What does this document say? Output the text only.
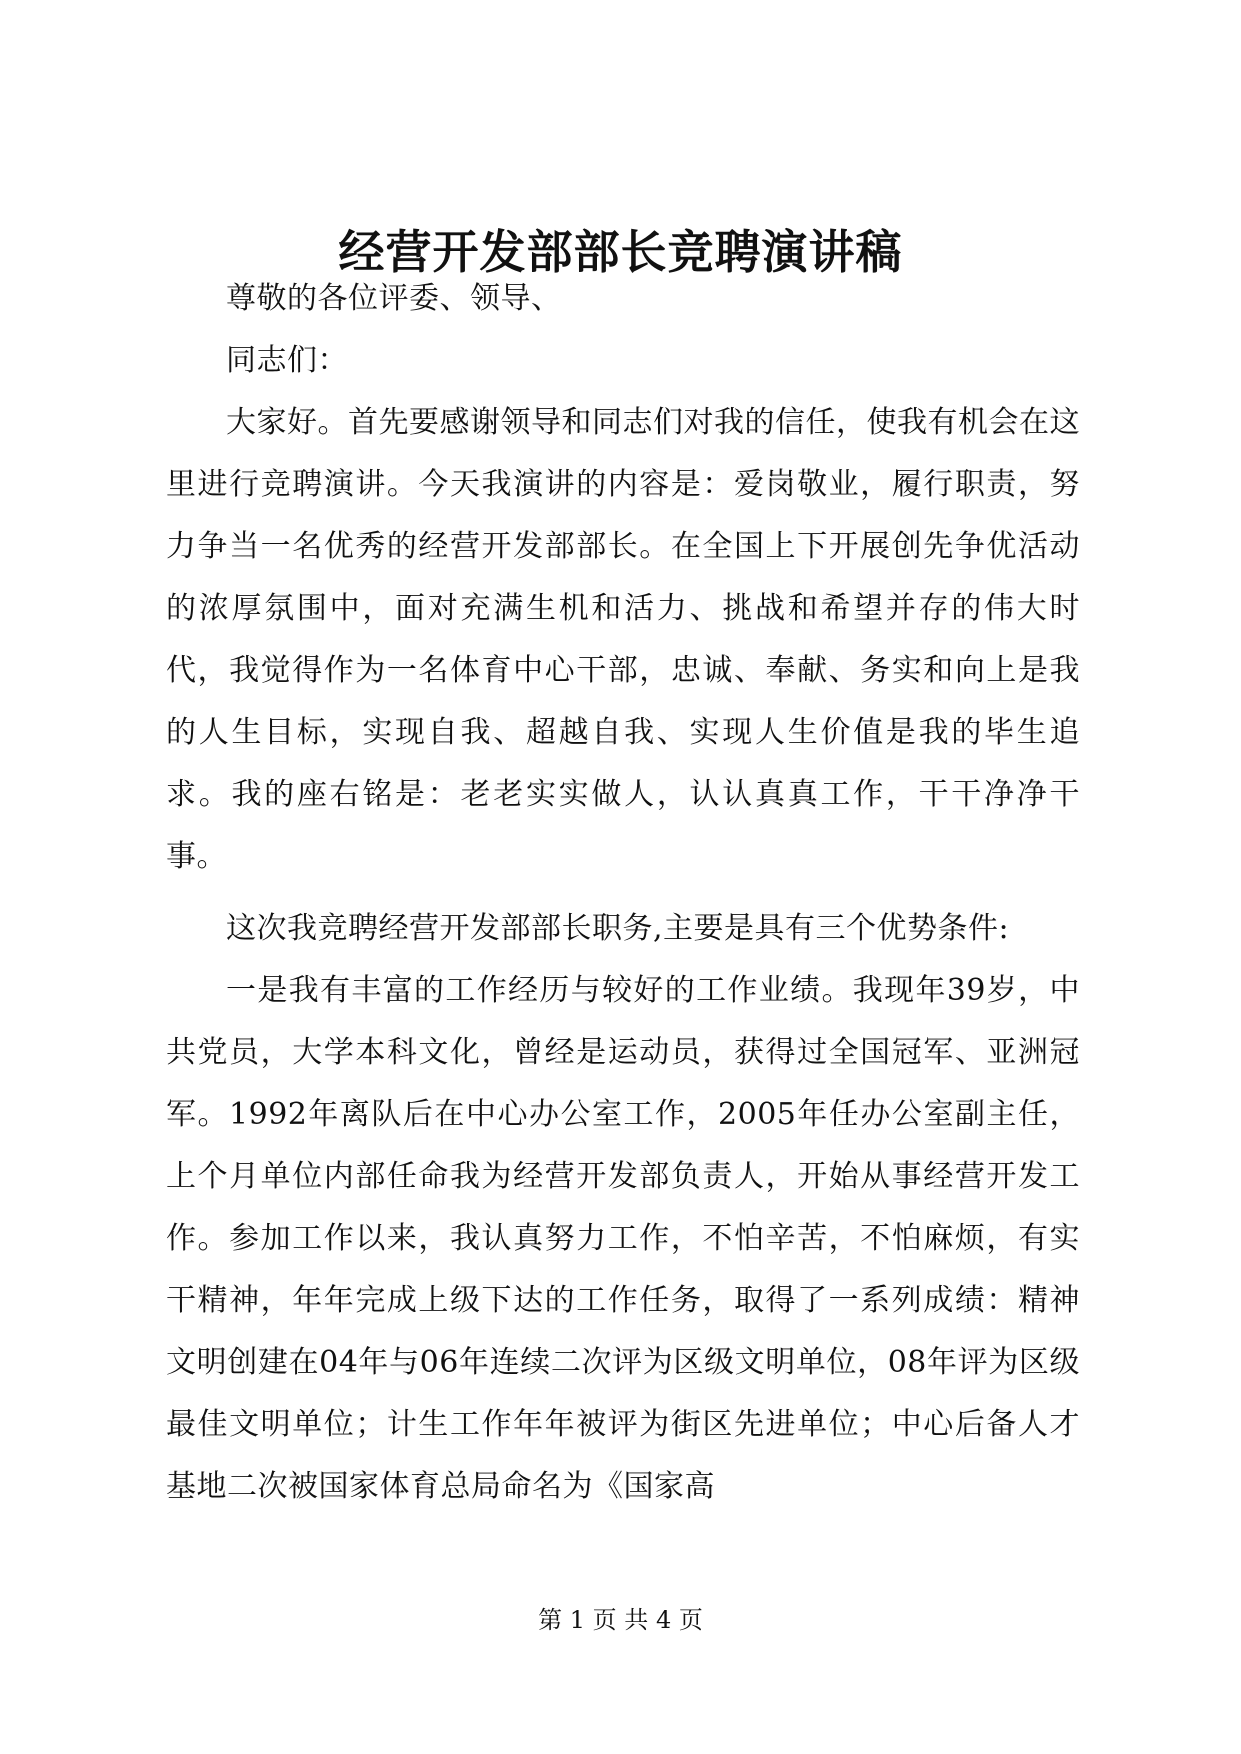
经营开发部部长竞聘演讲稿

尊敬的各位评委、领导、

同志们：

大家好。首先要感谢领导和同志们对我的信任，使我有机会在这里进行竞聘演讲。今天我演讲的内容是：爱岗敬业，履行职责，努力争当一名优秀的经营开发部部长。在全国上下开展创先争优活动的浓厚氛围中，面对充满生机和活力、挑战和希望并存的伟大时代，我觉得作为一名体育中心干部，忠诚、奉献、务实和向上是我的人生目标，实现自我、超越自我、实现人生价值是我的毕生追求。我的座右铭是：老老实实做人，认认真真工作，干干净净干事。

这次我竞聘经营开发部部长职务,主要是具有三个优势条件:

一是我有丰富的工作经历与较好的工作业绩。我现年39岁，中共党员，大学本科文化，曾经是运动员，获得过全国冠军、亚洲冠军。1992年离队后在中心办公室工作，2005年任办公室副主任，上个月单位内部任命我为经营开发部负责人，开始从事经营开发工作。参加工作以来，我认真努力工作，不怕辛苦，不怕麻烦，有实干精神，年年完成上级下达的工作任务，取得了一系列成绩：精神文明创建在04年与06年连续二次评为区级文明单位，08年评为区级最佳文明单位；计生工作年年被评为街区先进单位；中心后备人才基地二次被国家体育总局命名为《国家高

第 1 页 共 4 页
